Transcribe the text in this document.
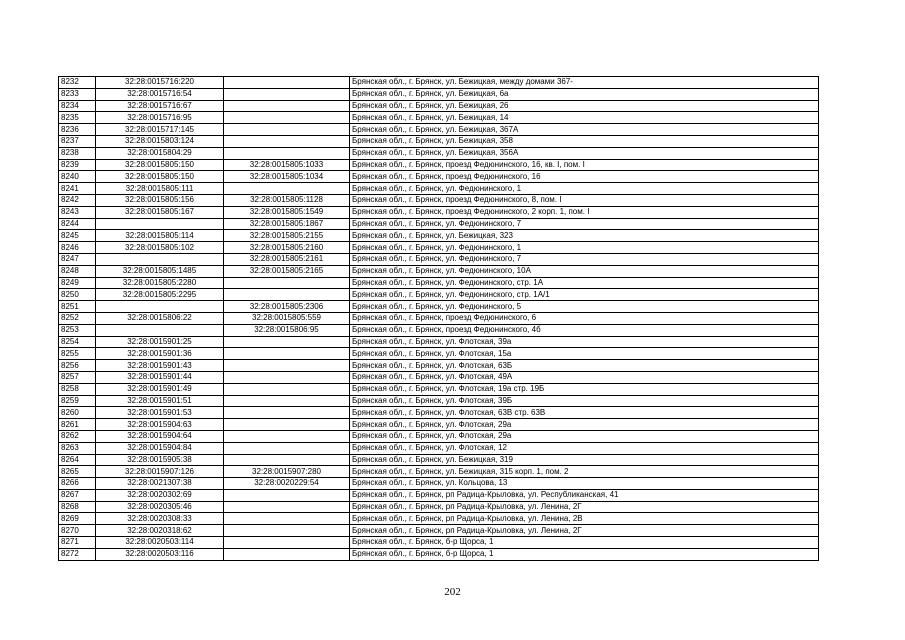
8232	32:28:0015716:220		Брянская обл., г. Брянск, ул. Бежицкая, между домами 367-
8233	32:28:0015716:54		Брянская обл., г. Брянск, ул. Бежицкая, 6а
8234	32:28:0015716:67		Брянская обл., г. Брянск, ул. Бежицкая, 26
8235	32:28:0015716:95		Брянская обл., г. Брянск, ул. Бежицкая, 14
8236	32:28:0015717:145		Брянская обл., г. Брянск, ул. Бежицкая, 367А
8237	32:28:0015803:124		Брянская обл., г. Брянск, ул. Бежицкая, 358
8238	32:28:0015804:29		Брянская обл., г. Брянск, ул. Бежицкая, 356А
8239	32:28:0015805:150	32:28:0015805:1033	Брянская обл., г. Брянск, проезд Федюнинского, 16, кв. I, пом. I
8240	32:28:0015805:150	32:28:0015805:1034	Брянская обл., г. Брянск, проезд Федюнинского, 16
8241	32:28:0015805:111		Брянская обл., г. Брянск, ул. Федюнинского, 1
8242	32:28:0015805:156	32:28:0015805:1128	Брянская обл., г. Брянск, проезд Федюнинского, 8, пом. I
8243	32:28:0015805:167	32:28:0015805:1549	Брянская обл., г. Брянск, проезд Федюнинского, 2 корп. 1, пом. I
8244		32:28:0015805:1867	Брянская обл., г. Брянск, ул. Федюнинского, 7
8245	32:28:0015805:114	32:28:0015805:2155	Брянская обл., г. Брянск, ул. Бежицкая, 323
8246	32:28:0015805:102	32:28:0015805:2160	Брянская обл., г. Брянск, ул. Федюнинского, 1
8247		32:28:0015805:2161	Брянская обл., г. Брянск, ул. Федюнинского, 7
8248	32:28:0015805:1485	32:28:0015805:2165	Брянская обл., г. Брянск, ул. Федюнинского, 10А
8249	32:28:0015805:2280		Брянская обл., г. Брянск, ул. Федюнинского, стр. 1А
8250	32:28:0015805:2295		Брянская обл., г. Брянск, ул. Федюнинского, стр. 1А/1
8251		32:28:0015805:2306	Брянская обл., г. Брянск, ул. Федюнинского, 5
8252	32:28:0015806:22	32:28:0015805:559	Брянская обл., г. Брянск, проезд Федюнинского, 6
8253		32:28:0015806:95	Брянская обл., г. Брянск, проезд Федюнинского, 4б
8254	32:28:0015901:25		Брянская обл., г. Брянск, ул. Флотская, 39а
8255	32:28:0015901:36		Брянская обл., г. Брянск, ул. Флотская, 15а
8256	32:28:0015901:43		Брянская обл., г. Брянск, ул. Флотская, 63Б
8257	32:28:0015901:44		Брянская обл., г. Брянск, ул. Флотская, 49А
8258	32:28:0015901:49		Брянская обл., г. Брянск, ул. Флотская, 19а стр. 19Б
8259	32:28:0015901:51		Брянская обл., г. Брянск, ул. Флотская, 39Б
8260	32:28:0015901:53		Брянская обл., г. Брянск, ул. Флотская, 63В стр. 63В
8261	32:28:0015904:63		Брянская обл., г. Брянск, ул. Флотская, 29а
8262	32:28:0015904:64		Брянская обл., г. Брянск, ул. Флотская, 29а
8263	32:28:0015904:84		Брянская обл., г. Брянск, ул. Флотская, 12
8264	32:28:0015905:38		Брянская обл., г. Брянск, ул. Бежицкая, 319
8265	32:28:0015907:126	32:28:0015907:280	Брянская обл., г. Брянск, ул. Бежицкая, 315 корп. 1, пом. 2
8266	32:28:0021307:38	32:28:0020229:54	Брянская обл., г. Брянск, ул. Кольцова, 13
8267	32:28:0020302:69		Брянская обл., г. Брянск, рп Радица-Крыловка, ул. Республиканская, 41
8268	32:28:0020305:46		Брянская обл., г. Брянск, рп Радица-Крыловка, ул. Ленина, 2Г
8269	32:28:0020308:33		Брянская обл., г. Брянск, рп Радица-Крыловка, ул. Ленина, 2В
8270	32:28:0020318:62		Брянская обл., г. Брянск, рп Радица-Крыловка, ул. Ленина, 2Г
8271	32:28:0020503:114		Брянская обл., г. Брянск, б-р Щорса, 1
8272	32:28:0020503:116		Брянская обл., г. Брянск, б-р Щорса, 1
202
